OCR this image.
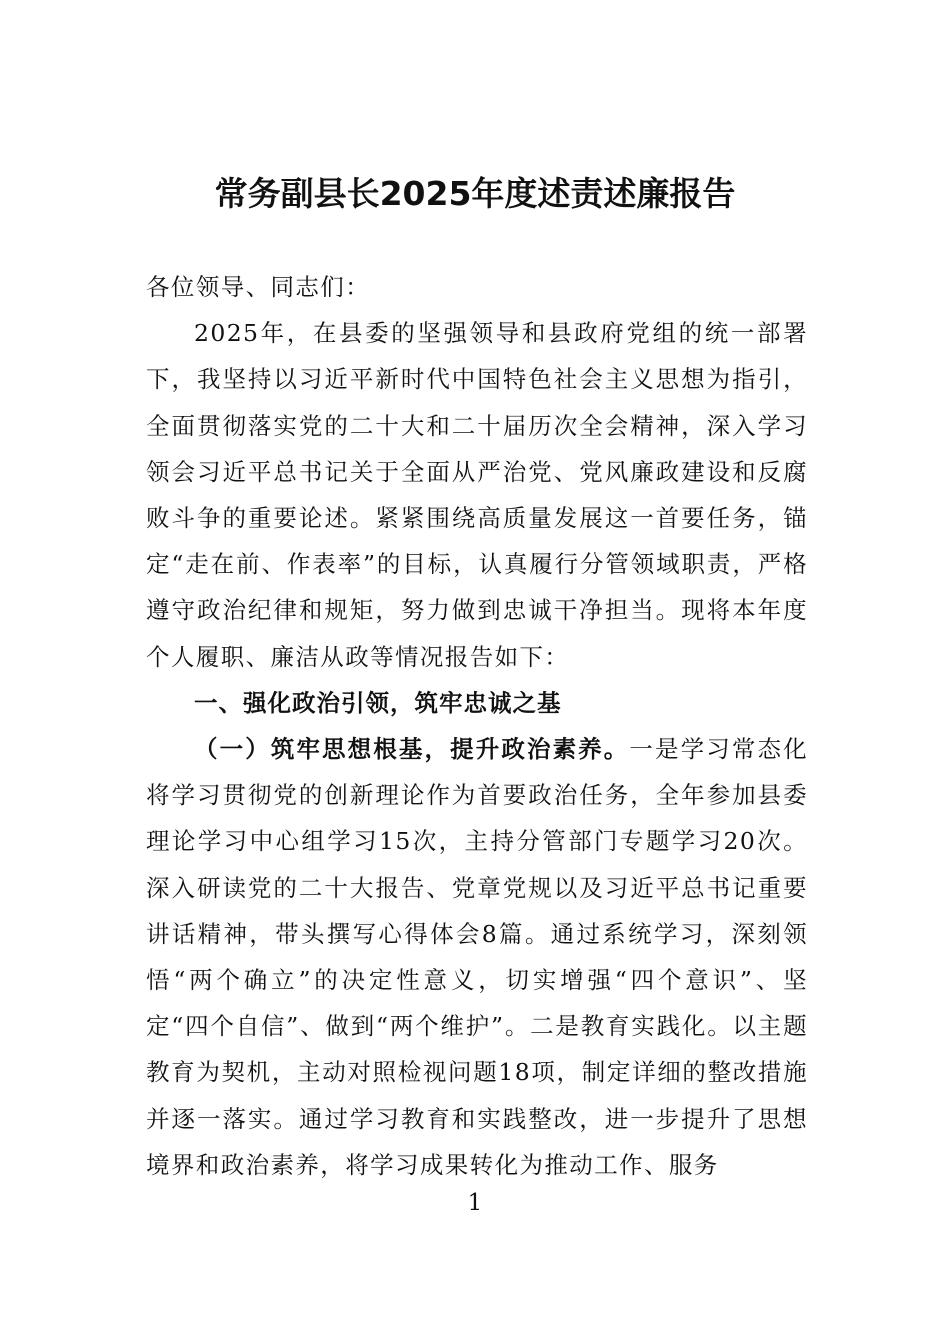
常务副县长2025年度述责述廉报告

各位领导、同志们：

2025年，在县委的坚强领导和县政府党组的统一部署下，我坚持以习近平新时代中国特色社会主义思想为指引，全面贯彻落实党的二十大和二十届历次全会精神，深入学习领会习近平总书记关于全面从严治党、党风廉政建设和反腐败斗争的重要论述。紧紧围绕高质量发展这一首要任务，锚定“走在前、作表率”的目标，认真履行分管领域职责，严格遵守政治纪律和规矩，努力做到忠诚干净担当。现将本年度个人履职、廉洁从政等情况报告如下：

一、强化政治引领，筑牢忠诚之基

（一）筑牢思想根基，提升政治素养。一是学习常态化将学习贯彻党的创新理论作为首要政治任务，全年参加县委理论学习中心组学习15次，主持分管部门专题学习20次。深入研读党的二十大报告、党章党规以及习近平总书记重要讲话精神，带头撰写心得体会8篇。通过系统学习，深刻领悟“两个确立”的决定性意义，切实增强“四个意识”、坚定“四个自信”、做到“两个维护”。二是教育实践化。以主题教育为契机，主动对照检视问题18项，制定详细的整改措施并逐一落实。通过学习教育和实践整改，进一步提升了思想境界和政治素养，将学习成果转化为推动工作、服务

1
